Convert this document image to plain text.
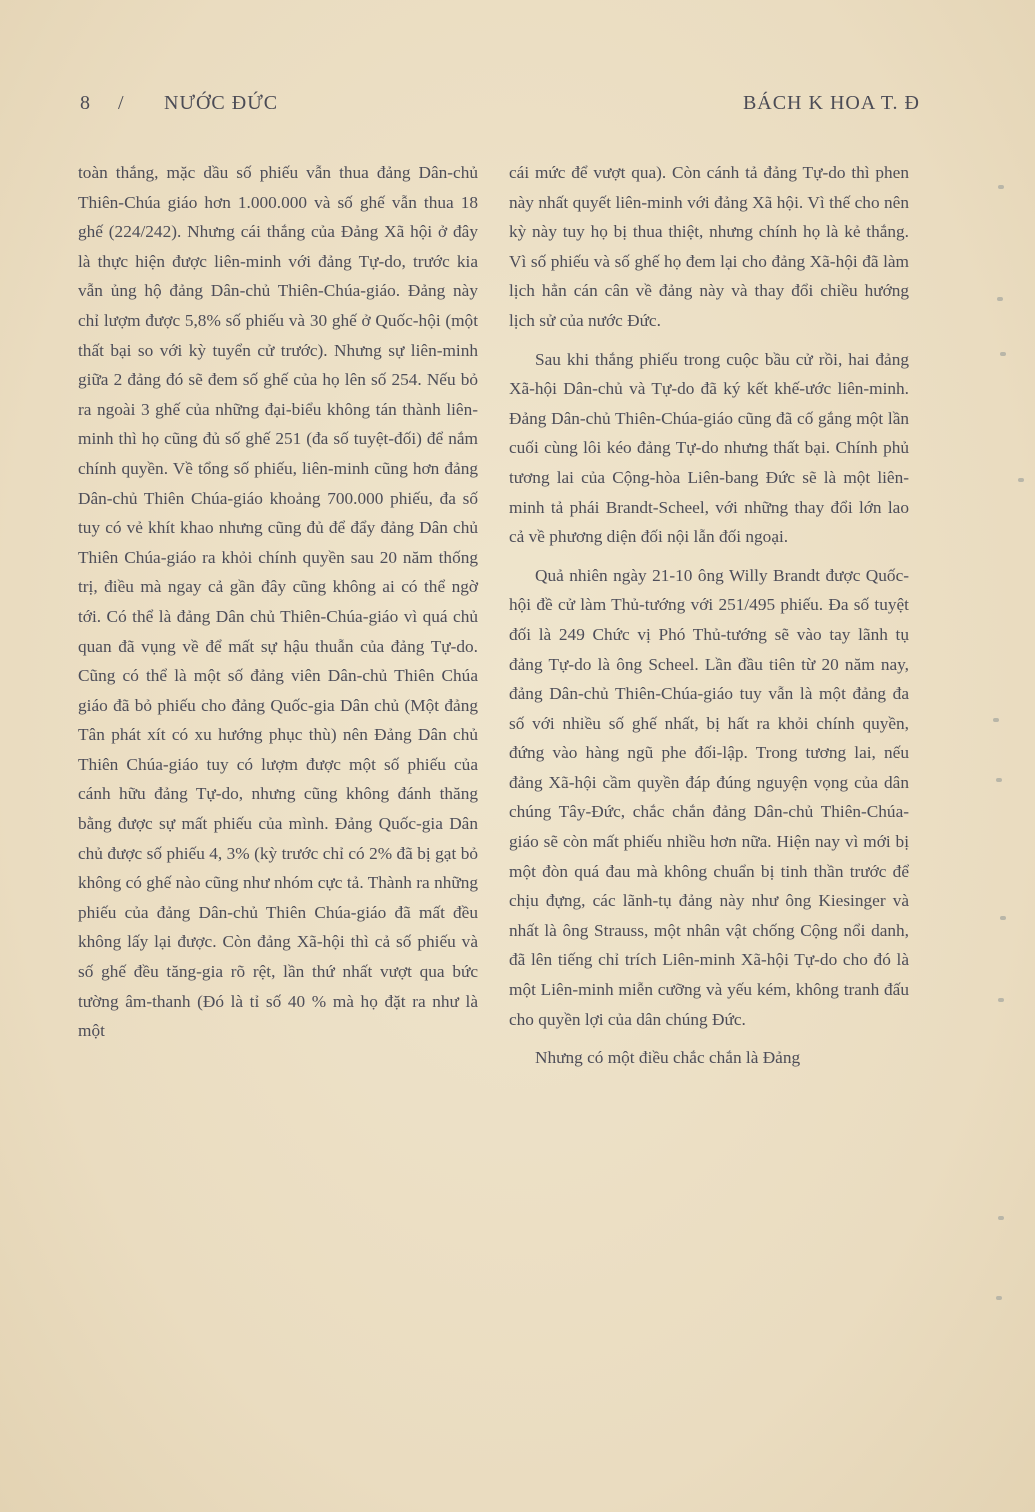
8 / NƯỚC ĐỨC	BÁCH K HOA T. Đ

toàn thắng, mặc dầu số phiếu vẫn thua đảng Dân-chủ Thiên-Chúa giáo hơn 1.000.000 và số ghế vẫn thua 18 ghế (224/242). Nhưng cái thắng của Đảng Xã hội ở đây là thực hiện được liên-minh với đảng Tự-do, trước kia vẫn ủng hộ đảng Dân-chủ Thiên-Chúa-giáo. Đảng này chỉ lượm được 5,8% số phiếu và 30 ghế ở Quốc-hội (một thất bại so với kỳ tuyển cử trước). Nhưng sự liên-minh giữa 2 đảng đó sẽ đem số ghế của họ lên số 254. Nếu bỏ ra ngoài 3 ghế của những đại-biểu không tán thành liên-minh thì họ cũng đủ số ghế 251 (đa số tuyệt-đối) để nắm chính quyền. Về tổng số phiếu, liên-minh cũng hơn đảng Dân-chủ Thiên Chúa-giáo khoảng 700.000 phiếu, đa số tuy có vẻ khít khao nhưng cũng đủ để đẩy đảng Dân chủ Thiên Chúa-giáo ra khỏi chính quyền sau 20 năm thống trị, điều mà ngay cả gần đây cũng không ai có thể ngờ tới. Có thể là đảng Dân chủ Thiên-Chúa-giáo vì quá chủ quan đã vụng về để mất sự hậu thuẫn của đảng Tự-do. Cũng có thể là một số đảng viên Dân-chủ Thiên Chúa giáo đã bỏ phiếu cho đảng Quốc-gia Dân chủ (Một đảng Tân phát xít có xu hướng phục thù) nên Đảng Dân chủ Thiên Chúa-giáo tuy có lượm được một số phiếu của cánh hữu đảng Tự-do, nhưng cũng không đánh thăng bằng được sự mất phiếu của mình. Đảng Quốc-gia Dân chủ được số phiếu 4, 3% (kỳ trước chỉ có 2% đã bị gạt bỏ không có ghế nào cũng như nhóm cực tả. Thành ra những phiếu của đảng Dân-chủ Thiên Chúa-giáo đã mất đều không lấy lại được. Còn đảng Xã-hội thì cả số phiếu và số ghế đều tăng-gia rõ rệt, lần thứ nhất vượt qua bức tường âm-thanh (Đó là tỉ số 40 % mà họ đặt ra như là một

cái mức để vượt qua). Còn cánh tả đảng Tự-do thì phen này nhất quyết liên-minh với đảng Xã hội. Vì thế cho nên kỳ này tuy họ bị thua thiệt, nhưng chính họ là kẻ thắng. Vì số phiếu và số ghế họ đem lại cho đảng Xã-hội đã làm lịch hẳn cán cân về đảng này và thay đổi chiều hướng lịch sử của nước Đức.

Sau khi thắng phiếu trong cuộc bầu cử rồi, hai đảng Xã-hội Dân-chủ và Tự-do đã ký kết khế-ước liên-minh. Đảng Dân-chủ Thiên-Chúa-giáo cũng đã cố gắng một lần cuối cùng lôi kéo đảng Tự-do nhưng thất bại. Chính phủ tương lai của Cộng-hòa Liên-bang Đức sẽ là một liên-minh tả phái Brandt-Scheel, với những thay đổi lớn lao cả về phương diện đối nội lẫn đối ngoại.

Quả nhiên ngày 21-10 ông Willy Brandt được Quốc-hội đề cử làm Thủ-tướng với 251/495 phiếu. Đa số tuyệt đối là 249 Chức vị Phó Thủ-tướng sẽ vào tay lãnh tụ đảng Tự-do là ông Scheel. Lần đầu tiên từ 20 năm nay, đảng Dân-chủ Thiên-Chúa-giáo tuy vẫn là một đảng đa số với nhiều số ghế nhất, bị hất ra khỏi chính quyền, đứng vào hàng ngũ phe đối-lập. Trong tương lai, nếu đảng Xã-hội cầm quyền đáp đúng nguyện vọng của dân chúng Tây-Đức, chắc chắn đảng Dân-chủ Thiên-Chúa-giáo sẽ còn mất phiếu nhiều hơn nữa. Hiện nay vì mới bị một đòn quá đau mà không chuẩn bị tinh thần trước để chịu đựng, các lãnh-tụ đảng này như ông Kiesinger và nhất là ông Strauss, một nhân vật chống Cộng nổi danh, đã lên tiếng chỉ trích Liên-minh Xã-hội Tự-do cho đó là một Liên-minh miễn cưỡng và yếu kém, không tranh đấu cho quyền lợi của dân chúng Đức.

Nhưng có một điều chắc chắn là Đảng
